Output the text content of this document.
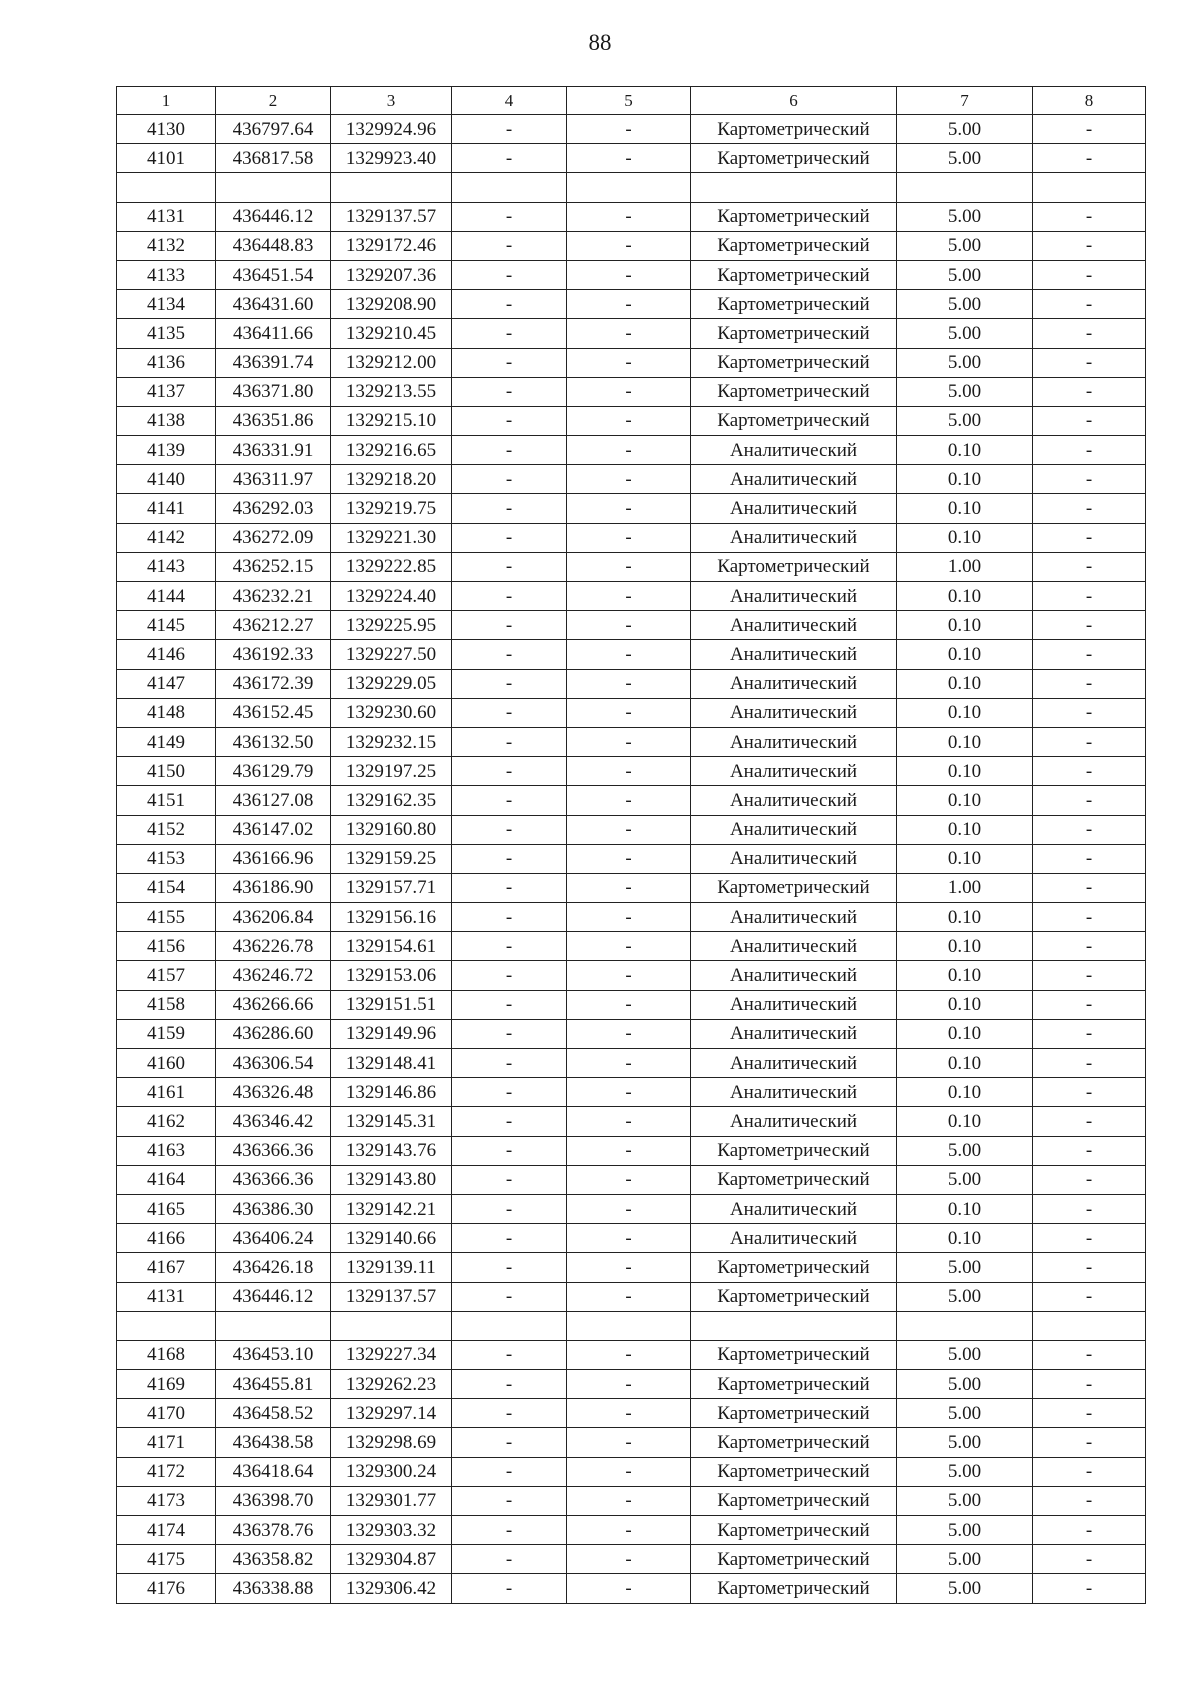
88
1	2	3	4	5	6	7	8
4130	436797.64	1329924.96	-	-	Картометрический	5.00	-
4101	436817.58	1329923.40	-	-	Картометрический	5.00	-

4131	436446.12	1329137.57	-	-	Картометрический	5.00	-
4132	436448.83	1329172.46	-	-	Картометрический	5.00	-
4133	436451.54	1329207.36	-	-	Картометрический	5.00	-
4134	436431.60	1329208.90	-	-	Картометрический	5.00	-
4135	436411.66	1329210.45	-	-	Картометрический	5.00	-
4136	436391.74	1329212.00	-	-	Картометрический	5.00	-
4137	436371.80	1329213.55	-	-	Картометрический	5.00	-
4138	436351.86	1329215.10	-	-	Картометрический	5.00	-
4139	436331.91	1329216.65	-	-	Аналитический	0.10	-
4140	436311.97	1329218.20	-	-	Аналитический	0.10	-
4141	436292.03	1329219.75	-	-	Аналитический	0.10	-
4142	436272.09	1329221.30	-	-	Аналитический	0.10	-
4143	436252.15	1329222.85	-	-	Картометрический	1.00	-
4144	436232.21	1329224.40	-	-	Аналитический	0.10	-
4145	436212.27	1329225.95	-	-	Аналитический	0.10	-
4146	436192.33	1329227.50	-	-	Аналитический	0.10	-
4147	436172.39	1329229.05	-	-	Аналитический	0.10	-
4148	436152.45	1329230.60	-	-	Аналитический	0.10	-
4149	436132.50	1329232.15	-	-	Аналитический	0.10	-
4150	436129.79	1329197.25	-	-	Аналитический	0.10	-
4151	436127.08	1329162.35	-	-	Аналитический	0.10	-
4152	436147.02	1329160.80	-	-	Аналитический	0.10	-
4153	436166.96	1329159.25	-	-	Аналитический	0.10	-
4154	436186.90	1329157.71	-	-	Картометрический	1.00	-
4155	436206.84	1329156.16	-	-	Аналитический	0.10	-
4156	436226.78	1329154.61	-	-	Аналитический	0.10	-
4157	436246.72	1329153.06	-	-	Аналитический	0.10	-
4158	436266.66	1329151.51	-	-	Аналитический	0.10	-
4159	436286.60	1329149.96	-	-	Аналитический	0.10	-
4160	436306.54	1329148.41	-	-	Аналитический	0.10	-
4161	436326.48	1329146.86	-	-	Аналитический	0.10	-
4162	436346.42	1329145.31	-	-	Аналитический	0.10	-
4163	436366.36	1329143.76	-	-	Картометрический	5.00	-
4164	436366.36	1329143.80	-	-	Картометрический	5.00	-
4165	436386.30	1329142.21	-	-	Аналитический	0.10	-
4166	436406.24	1329140.66	-	-	Аналитический	0.10	-
4167	436426.18	1329139.11	-	-	Картометрический	5.00	-
4131	436446.12	1329137.57	-	-	Картометрический	5.00	-

4168	436453.10	1329227.34	-	-	Картометрический	5.00	-
4169	436455.81	1329262.23	-	-	Картометрический	5.00	-
4170	436458.52	1329297.14	-	-	Картометрический	5.00	-
4171	436438.58	1329298.69	-	-	Картометрический	5.00	-
4172	436418.64	1329300.24	-	-	Картометрический	5.00	-
4173	436398.70	1329301.77	-	-	Картометрический	5.00	-
4174	436378.76	1329303.32	-	-	Картометрический	5.00	-
4175	436358.82	1329304.87	-	-	Картометрический	5.00	-
4176	436338.88	1329306.42	-	-	Картометрический	5.00	-
